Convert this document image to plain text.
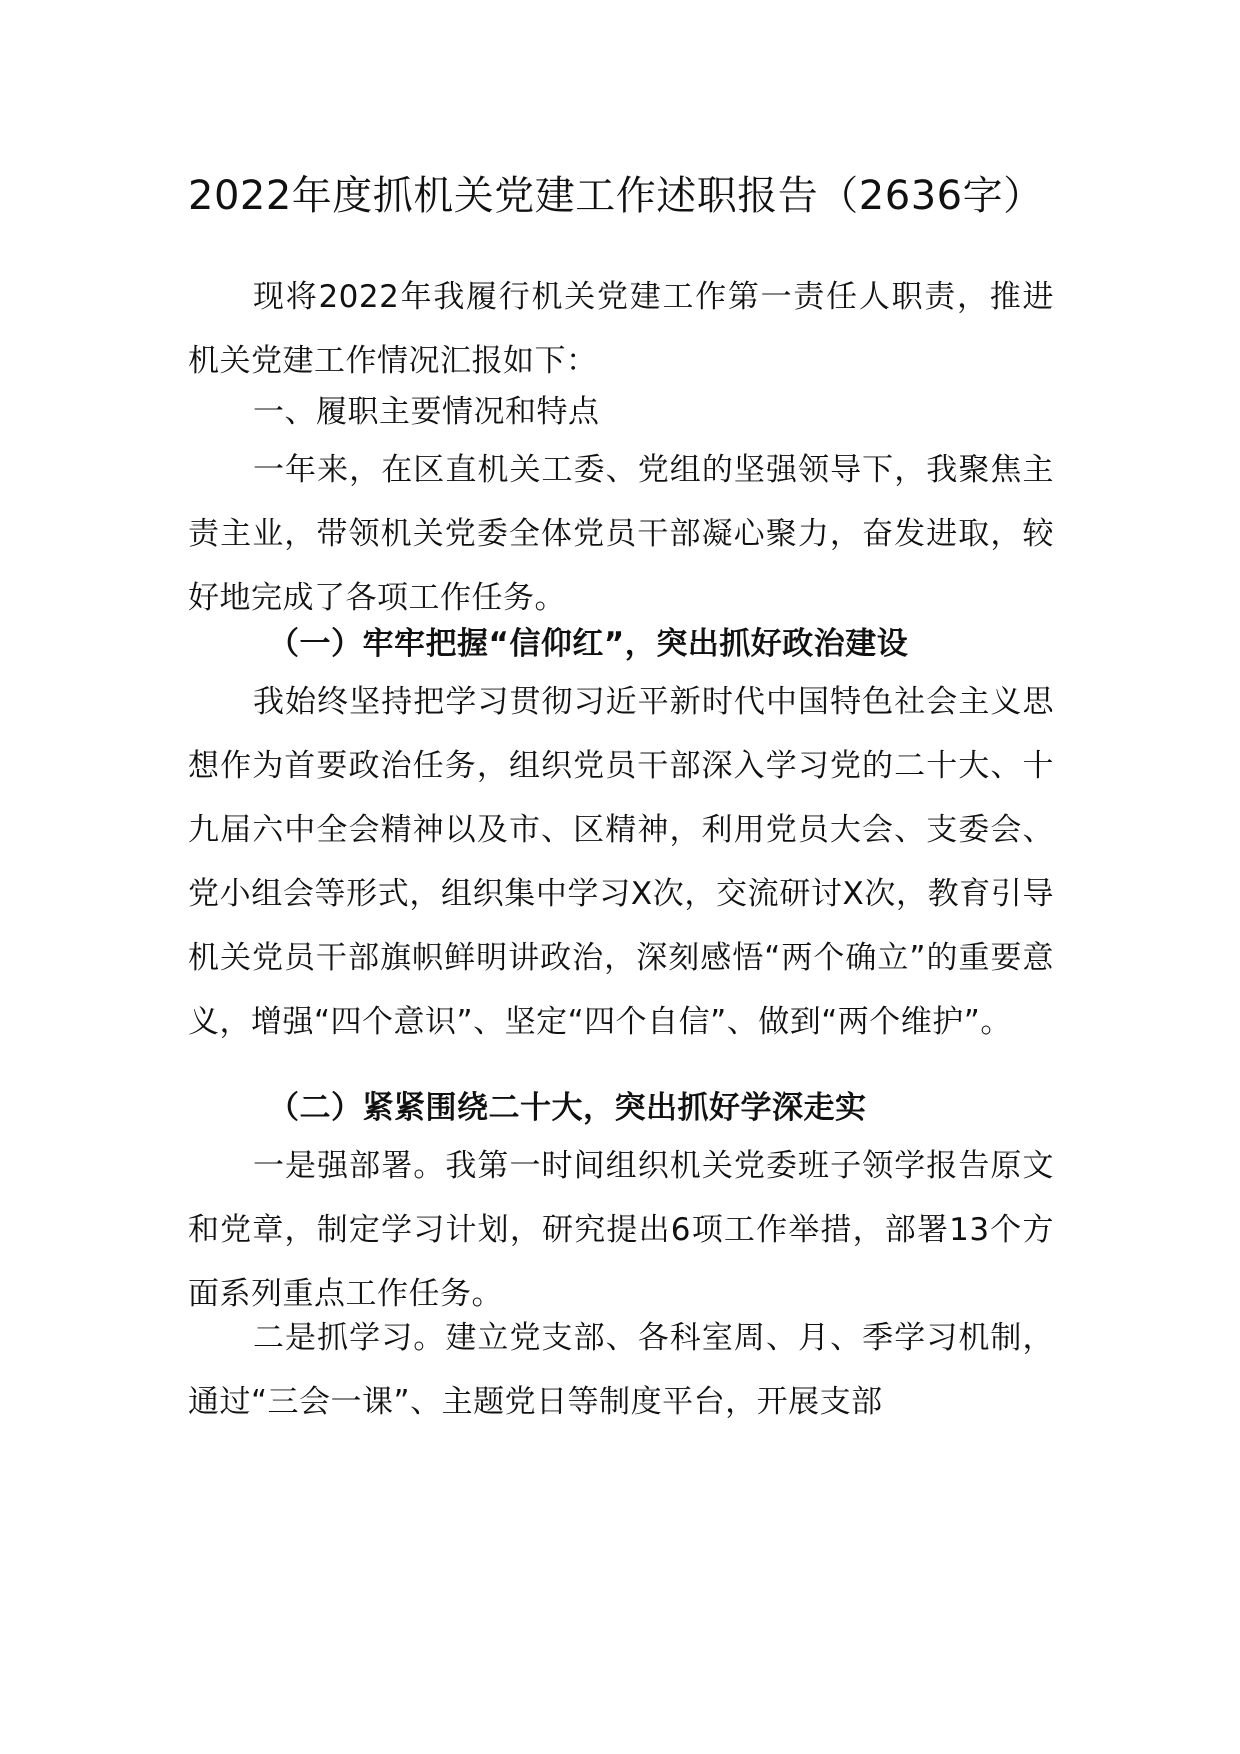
2022年度抓机关党建工作述职报告（2636字）

现将2022年我履行机关党建工作第一责任人职责，推进机关党建工作情况汇报如下：

一、履职主要情况和特点

一年来，在区直机关工委、党组的坚强领导下，我聚焦主责主业，带领机关党委全体党员干部凝心聚力，奋发进取，较好地完成了各项工作任务。

（一）牢牢把握“信仰红”，突出抓好政治建设

我始终坚持把学习贯彻习近平新时代中国特色社会主义思想作为首要政治任务，组织党员干部深入学习党的二十大、十九届六中全会精神以及市、区精神，利用党员大会、支委会、党小组会等形式，组织集中学习X次，交流研讨X次，教育引导机关党员干部旗帜鲜明讲政治，深刻感悟“两个确立”的重要意义，增强“四个意识”、坚定“四个自信”、做到“两个维护”。

（二）紧紧围绕二十大，突出抓好学深走实

一是强部署。我第一时间组织机关党委班子领学报告原文和党章，制定学习计划，研究提出6项工作举措，部署13个方面系列重点工作任务。

二是抓学习。建立党支部、各科室周、月、季学习机制，通过“三会一课”、主题党日等制度平台，开展支部
